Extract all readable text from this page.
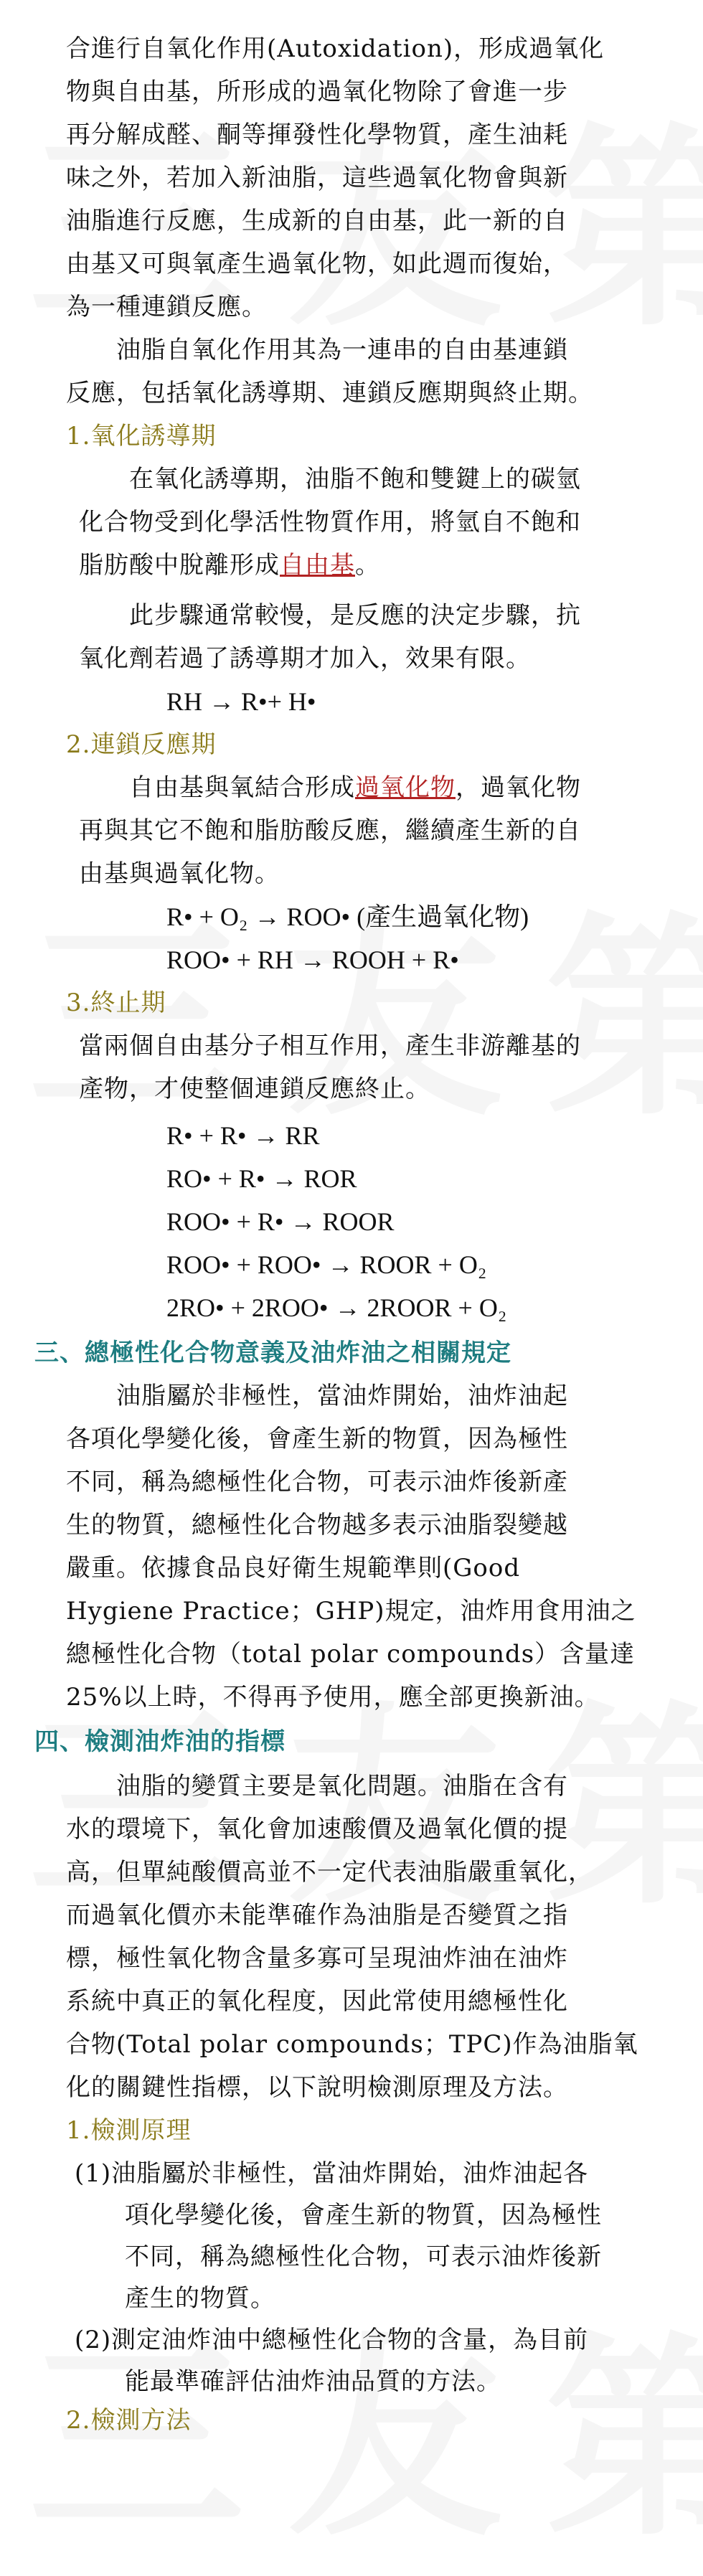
合進行自氧化作用(Autoxidation)，形成過氧化
物與自由基，所形成的過氧化物除了會進一步
再分解成醛、酮等揮發性化學物質，產生油耗
味之外，若加入新油脂，這些過氧化物會與新
油脂進行反應，生成新的自由基，此一新的自
由基又可與氧產生過氧化物，如此週而復始，
為一種連鎖反應。
　　油脂自氧化作用其為一連串的自由基連鎖
反應，包括氧化誘導期、連鎖反應期與終止期。
1.氧化誘導期
　　在氧化誘導期，油脂不飽和雙鍵上的碳氫
化合物受到化學活性物質作用，將氫自不飽和
脂肪酸中脫離形成自由基。
　　此步驟通常較慢，是反應的決定步驟，抗
氧化劑若過了誘導期才加入，效果有限。
RH → R•+ H•
2.連鎖反應期
　　自由基與氧結合形成過氧化物，過氧化物
再與其它不飽和脂肪酸反應，繼續產生新的自
由基與過氧化物。
R• + O₂ → ROO• (產生過氧化物)
ROO• + RH → ROOH + R•
3.終止期
當兩個自由基分子相互作用，產生非游離基的
產物，才使整個連鎖反應終止。
R• + R• → RR
RO• + R• → ROR
ROO• + R• → ROOR
ROO• + ROO• → ROOR + O₂
2RO• + 2ROO• → 2ROOR + O₂
三、總極性化合物意義及油炸油之相關規定
　　油脂屬於非極性，當油炸開始，油炸油起
各項化學變化後，會產生新的物質，因為極性
不同，稱為總極性化合物，可表示油炸後新產
生的物質，總極性化合物越多表示油脂裂變越
嚴重。依據食品良好衛生規範準則(Good
Hygiene Practice；GHP)規定，油炸用食用油之
總極性化合物（total polar compounds）含量達
25%以上時，不得再予使用，應全部更換新油。
四、檢測油炸油的指標
　　油脂的變質主要是氧化問題。油脂在含有
水的環境下，氧化會加速酸價及過氧化價的提
高，但單純酸價高並不一定代表油脂嚴重氧化，
而過氧化價亦未能準確作為油脂是否變質之指
標，極性氧化物含量多寡可呈現油炸油在油炸
系統中真正的氧化程度，因此常使用總極性化
合物(Total polar compounds；TPC)作為油脂氧
化的關鍵性指標，以下說明檢測原理及方法。
1.檢測原理
(1)油脂屬於非極性，當油炸開始，油炸油起各
　　項化學變化後，會產生新的物質，因為極性
　　不同，稱為總極性化合物，可表示油炸後新
　　產生的物質。
(2)測定油炸油中總極性化合物的含量，為目前
　　能最準確評估油炸油品質的方法。
2.檢測方法
